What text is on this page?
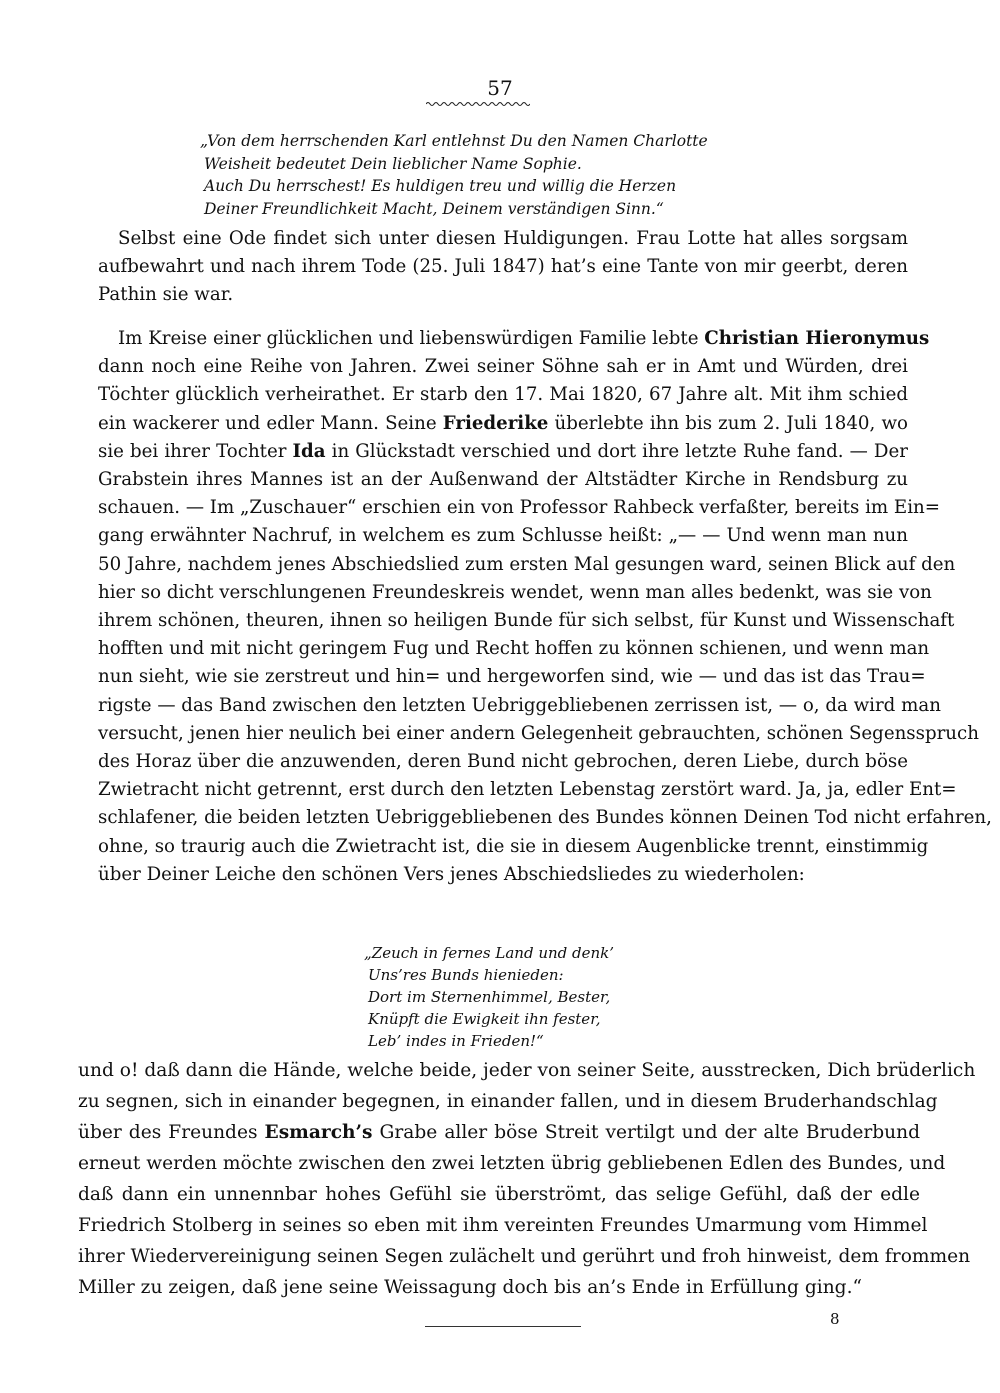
57
„Von dem herrschenden Karl entlehnst Du den Namen Charlotte
Weisheit bedeutet Dein lieblicher Name Sophie.
Auch Du herrschest! Es huldigen treu und willig die Herzen
Deiner Freundlichkeit Macht, Deinem verständigen Sinn.“
Selbst eine Ode findet sich unter diesen Huldigungen. Frau Lotte hat alles sorgsam
aufbewahrt und nach ihrem Tode (25. Juli 1847) hat’s eine Tante von mir geerbt, deren
Pathin sie war.
Im Kreise einer glücklichen und liebenswürdigen Familie lebte Christian Hieronymus
dann noch eine Reihe von Jahren. Zwei seiner Söhne sah er in Amt und Würden, drei
Töchter glücklich verheirathet. Er starb den 17. Mai 1820, 67 Jahre alt. Mit ihm schied
ein wackerer und edler Mann. Seine Friederike überlebte ihn bis zum 2. Juli 1840, wo
sie bei ihrer Tochter Ida in Glückstadt verschied und dort ihre letzte Ruhe fand. — Der
Grabstein ihres Mannes ist an der Außenwand der Altstädter Kirche in Rendsburg zu
schauen. — Im „Zuschauer“ erschien ein von Professor Rahbeck verfaßter, bereits im Ein=
gang erwähnter Nachruf, in welchem es zum Schlusse heißt: „— — Und wenn man nun
50 Jahre, nachdem jenes Abschiedslied zum ersten Mal gesungen ward, seinen Blick auf den
hier so dicht verschlungenen Freundeskreis wendet, wenn man alles bedenkt, was sie von
ihrem schönen, theuren, ihnen so heiligen Bunde für sich selbst, für Kunst und Wissenschaft
hofften und mit nicht geringem Fug und Recht hoffen zu können schienen, und wenn man
nun sieht, wie sie zerstreut und hin= und hergeworfen sind, wie — und das ist das Trau=
rigste — das Band zwischen den letzten Uebriggebliebenen zerrissen ist, — o, da wird man
versucht, jenen hier neulich bei einer andern Gelegenheit gebrauchten, schönen Segensspruch
des Horaz über die anzuwenden, deren Bund nicht gebrochen, deren Liebe, durch böse
Zwietracht nicht getrennt, erst durch den letzten Lebenstag zerstört ward. Ja, ja, edler Ent=
schlafener, die beiden letzten Uebriggebliebenen des Bundes können Deinen Tod nicht erfahren,
ohne, so traurig auch die Zwietracht ist, die sie in diesem Augenblicke trennt, einstimmig
über Deiner Leiche den schönen Vers jenes Abschiedsliedes zu wiederholen:
„Zeuch in fernes Land und denk’
Uns’res Bunds hienieden:
Dort im Sternenhimmel, Bester,
Knüpft die Ewigkeit ihn fester,
Leb’ indes in Frieden!“
und o! daß dann die Hände, welche beide, jeder von seiner Seite, ausstrecken, Dich brüderlich
zu segnen, sich in einander begegnen, in einander fallen, und in diesem Bruderhandschlag
über des Freundes Esmarch’s Grabe aller böse Streit vertilgt und der alte Bruderbund
erneut werden möchte zwischen den zwei letzten übrig gebliebenen Edlen des Bundes, und
daß dann ein unnennbar hohes Gefühl sie überströmt, das selige Gefühl, daß der edle
Friedrich Stolberg in seines so eben mit ihm vereinten Freundes Umarmung vom Himmel
ihrer Wiedervereinigung seinen Segen zulächelt und gerührt und froh hinweist, dem frommen
Miller zu zeigen, daß jene seine Weissagung doch bis an’s Ende in Erfüllung ging.“
8
